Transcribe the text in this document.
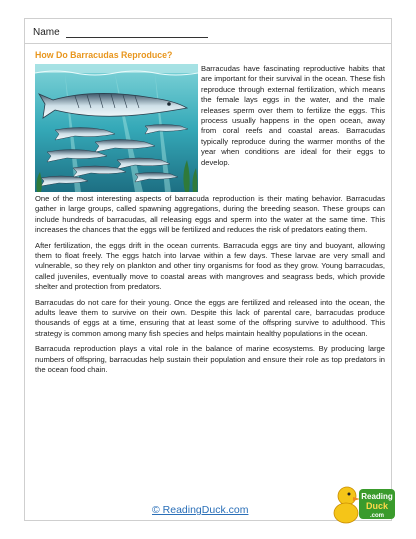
Name
How Do Barracudas Reproduce?

Barracudas have fascinating reproductive habits that are important for their survival in the ocean. These fish reproduce through external fertilization, which means the female lays eggs in the water, and the male releases sperm over them to fertilize the eggs. This process usually happens in the open ocean, away from coral reefs and coastal areas. Barracudas typically reproduce during the warmer months of the year when conditions are ideal for their eggs to develop.

One of the most interesting aspects of barracuda reproduction is their mating behavior. Barracudas gather in large groups, called spawning aggregations, during the breeding season. These groups can include hundreds of barracudas, all releasing eggs and sperm into the water at the same time. This increases the chances that the eggs will be fertilized and reduces the risk of predators eating them.

After fertilization, the eggs drift in the ocean currents. Barracuda eggs are tiny and buoyant, allowing them to float freely. The eggs hatch into larvae within a few days. These larvae are very small and vulnerable, so they rely on plankton and other tiny organisms for food as they grow. Young barracudas, called juveniles, eventually move to coastal areas with mangroves and seagrass beds, which provide shelter and protection from predators.

Barracudas do not care for their young. Once the eggs are fertilized and released into the ocean, the adults leave them to survive on their own. Despite this lack of parental care, barracudas produce thousands of eggs at a time, ensuring that at least some of the offspring survive to adulthood. This strategy is common among many fish species and helps maintain healthy populations in the ocean.

Barracuda reproduction plays a vital role in the balance of marine ecosystems. By producing large numbers of offspring, barracudas help sustain their population and ensure their role as top predators in the ocean food chain.

© ReadingDuck.com
Reading
Duck
.com
